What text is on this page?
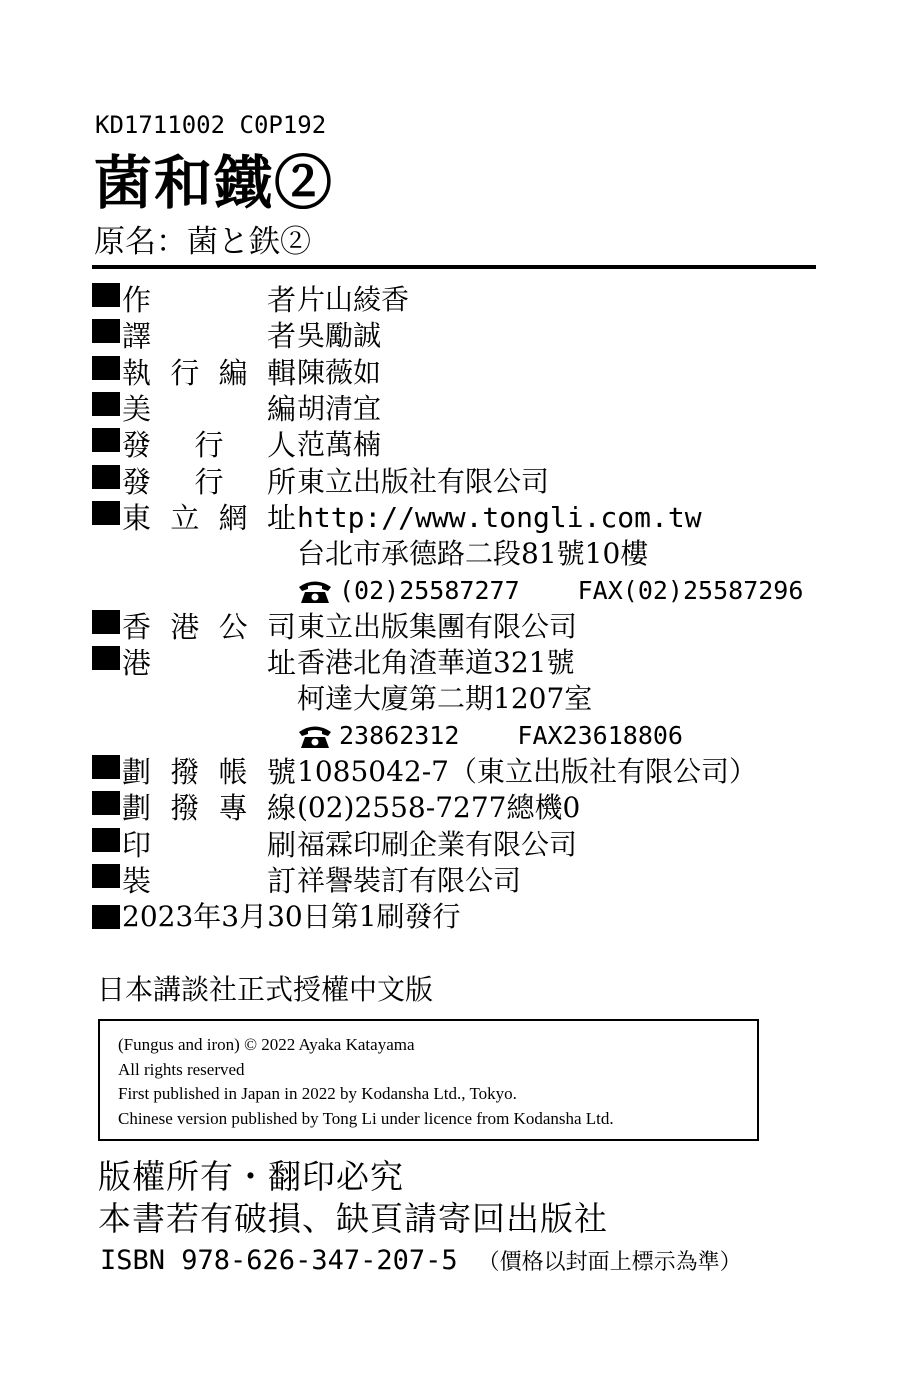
KD1711002 C0P192
菌和鐵②
原名：菌と鉄②
作	者 片山綾香
譯	者 吳勵誠
執 行 編 輯 陳薇如
美	編 胡清宜
發 行 人 范萬楠
發 行 所 東立出版社有限公司
東 立 網 址 http://www.tongli.com.tw
台北市承德路二段81號10樓
(02)25587277 FAX(02)25587296
香 港 公 司 東立出版集團有限公司
港	址 香港北角渣華道321號
柯達大廈第二期1207室
23862312 FAX23618806
劃 撥 帳 號 1085042-7（東立出版社有限公司）
劃 撥 專 線 (02)2558-7277總機0
印	刷 福霖印刷企業有限公司
裝	訂 祥譽裝訂有限公司
2023年3月30日第1刷發行
日本講談社正式授權中文版
(Fungus and iron) © 2022 Ayaka Katayama
All rights reserved
First published in Japan in 2022 by Kodansha Ltd., Tokyo.
Chinese version published by Tong Li under licence from Kodansha Ltd.
版權所有・翻印必究
本書若有破損、缺頁請寄回出版社
ISBN 978-626-347-207-5 （價格以封面上標示為準）
